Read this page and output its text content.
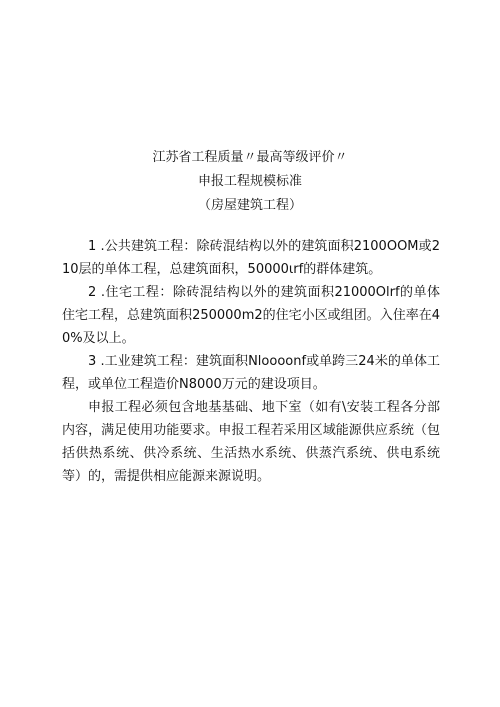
江苏省工程质量〃最高等级评价〃
申报工程规模标准
（房屋建筑工程）

1 .公共建筑工程：除砖混结构以外的建筑面积2100OOM或210层的单体工程，总建筑面积，50000ιrf的群体建筑。

2 .住宅工程：除砖混结构以外的建筑面积21000Olrf的单体住宅工程，总建筑面积250000m2的住宅小区或组团。入住率在40%及以上。

3 .工业建筑工程：建筑面积Nloooonf或单跨三24米的单体工程，或单位工程造价N8000万元的建设项目。

申报工程必须包含地基基础、地下室（如有\安装工程各分部内容，满足使用功能要求。申报工程若采用区域能源供应系统（包括供热系统、供冷系统、生活热水系统、供蒸汽系统、供电系统等）的，需提供相应能源来源说明。
